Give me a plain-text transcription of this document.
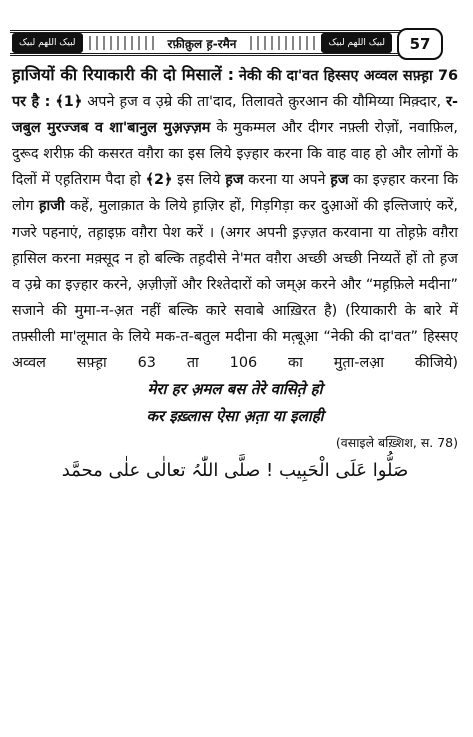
لبیک اللھم لبیک	रफ़ीक़ुल ह़-रमैन	لبیک اللھم لبیک	57

ह़ाजियों की रियाकारी की दो मिसालें : नेकी की दा'वत हिस्सए अव्वल सफ़्ह़ा 76 पर है : ﴾1﴿ अपने ह़ज व उ़म्रे की ता'दाद, तिलावते क़ुरआन की यौमिय्या मिक़्दार, र-जबुल मुरज्जब व शा'बानुल मुअ़ज़्ज़म के मुकम्मल और दीगर नफ़्ली रोज़ों, नवाफ़िल, दुरूद शरीफ़ की कसरत वग़ैरा का इस लिये इज़्हार करना कि वाह वाह हो और लोगों के दिलों में एह़तिराम पैदा हो ﴾2﴿ इस लिये ह़ज करना या अपने ह़ज का इज़्हार करना कि लोग ह़ाजी कहें, मुलाक़ात के लिये ह़ाज़िर हों, गिड़गिड़ा कर दुआ़ओं की इल्तिजाएं करें, गजरे पहनाएं, तह़ाइफ़ वग़ैरा पेश करें । (अगर अपनी इ़ज़्ज़त करवाना या तोह़फ़े वग़ैरा ह़ासिल करना मक़्सूद न हो बल्कि तह़दीसे ने'मत वग़ैरा अच्छी अच्छी निय्यतें हों तो ह़ज व उ़म्रे का इज़्हार करने, अ़ज़ीज़ों और रिश्तेदारों को जम्अ़ करने और “मह़फ़िले मदीना” सजाने की मुमा-न-अ़त नहीं बल्कि कारे सवाबे आख़िरत है) (रियाकारी के बारे में तफ़्सीली मा'लूमात के लिये मक-त-बतुल मदीना की मत़्बूआ़ “नेकी की दा'वत” हिस्सए अव्वल सफ़्ह़ा 63 ता 106 का मुत़ा-लआ़ कीजिये)

मेरा हर अ़मल बस तेरे वासित़े हो

कर इख़्लास ऐसा अ़त़ा या इलाही

(वसाइले बख़्शिश, स. 78)

صَلُّوا عَلَی الْحَبِیب ! صلَّی اللّٰہُ تعالٰی علٰی محمَّد
